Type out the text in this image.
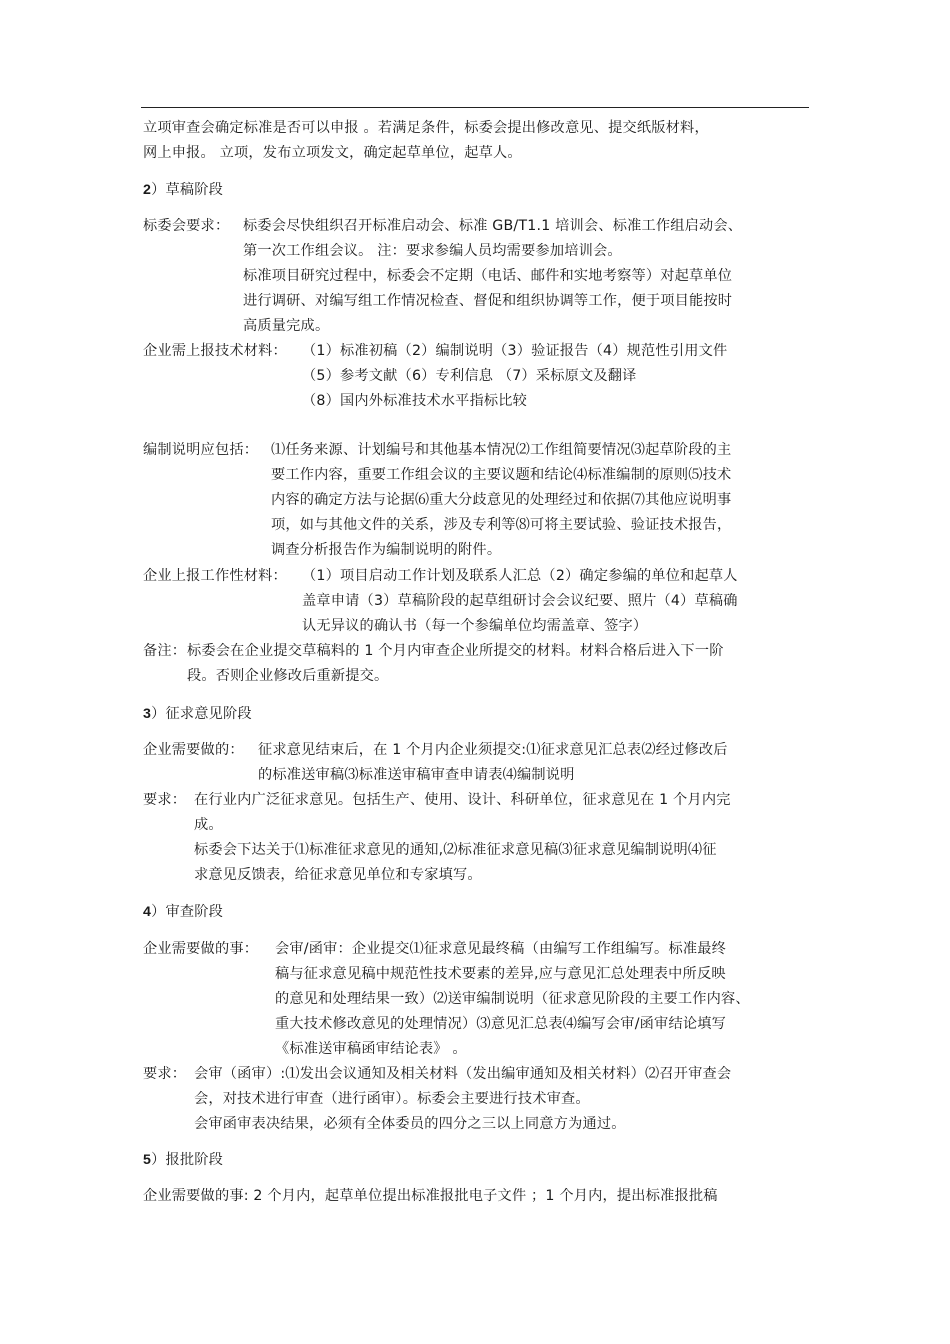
立项审查会确定标准是否可以申报 。若满足条件，标委会提出修改意见、提交纸版材料，
网上申报。 立项，发布立项发文，确定起草单位，起草人。
2）草稿阶段
标委会要求： 标委会尽快组织召开标准启动会、标准 GB/T1.1 培训会、标准工作组启动会、
第一次工作组会议。 注：要求参编人员均需要参加培训会。
标准项目研究过程中，标委会不定期（电话、邮件和实地考察等）对起草单位
进行调研、对编写组工作情况检查、督促和组织协调等工作，便于项目能按时
高质量完成。
企业需上报技术材料： （1）标准初稿（2）编制说明（3）验证报告（4）规范性引用文件
（5）参考文献（6）专利信息 （7）采标原文及翻译
（8）国内外标准技术水平指标比较
编制说明应包括： ⑴任务来源、计划编号和其他基本情况⑵工作组简要情况⑶起草阶段的主
要工作内容，重要工作组会议的主要议题和结论⑷标准编制的原则⑸技术
内容的确定方法与论据⑹重大分歧意见的处理经过和依据⑺其他应说明事
项，如与其他文件的关系，涉及专利等⑻可将主要试验、验证技术报告，
调查分析报告作为编制说明的附件。
企业上报工作性材料： （1）项目启动工作计划及联系人汇总（2）确定参编的单位和起草人
盖章申请（3）草稿阶段的起草组研讨会会议纪要、照片（4）草稿确
认无异议的确认书（每一个参编单位均需盖章、签字）
备注： 标委会在企业提交草稿料的 1 个月内审查企业所提交的材料。材料合格后进入下一阶
段。否则企业修改后重新提交。
3）征求意见阶段
企业需要做的： 征求意见结束后，在 1 个月内企业须提交:⑴征求意见汇总表⑵经过修改后
的标准送审稿⑶标准送审稿审查申请表⑷编制说明
要求： 在行业内广泛征求意见。包括生产、使用、设计、科研单位，征求意见在 1 个月内完
成。
标委会下达关于⑴标准征求意见的通知,⑵标准征求意见稿⑶征求意见编制说明⑷征
求意见反馈表，给征求意见单位和专家填写。
4）审查阶段
企业需要做的事： 会审/函审：企业提交⑴征求意见最终稿（由编写工作组编写。标准最终
稿与征求意见稿中规范性技术要素的差异,应与意见汇总处理表中所反映
的意见和处理结果一致）⑵送审编制说明（征求意见阶段的主要工作内容、
重大技术修改意见的处理情况）⑶意见汇总表⑷编写会审/函审结论填写
《标准送审稿函审结论表》 。
要求： 会审（函审）:⑴发出会议通知及相关材料（发出编审通知及相关材料）⑵召开审查会
会，对技术进行审查（进行函审）。标委会主要进行技术审查。
会审函审表决结果，必须有全体委员的四分之三以上同意方为通过。
5）报批阶段
企业需要做的事: 2 个月内，起草单位提出标准报批电子文件 ；1 个月内，提出标准报批稿
